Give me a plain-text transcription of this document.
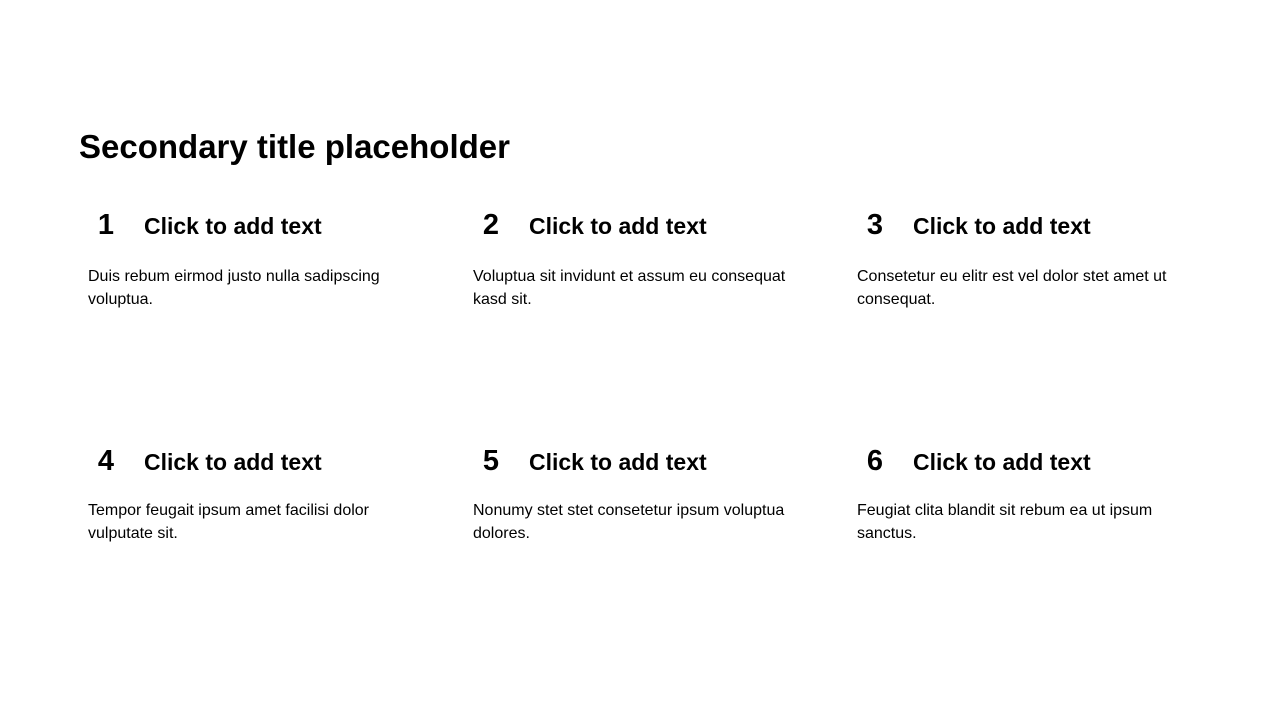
Secondary title placeholder
1	Click to add text
Duis rebum eirmod justo nulla sadipscing voluptua.
2	Click to add text
Voluptua sit invidunt et assum eu consequat kasd sit.
3	Click to add text
Consetetur eu elitr est vel dolor stet amet ut consequat.
4	Click to add text
Tempor feugait ipsum amet facilisi dolor vulputate sit.
5	Click to add text
Nonumy stet stet consetetur ipsum voluptua dolores.
6	Click to add text
Feugiat clita blandit sit rebum ea ut ipsum sanctus.
